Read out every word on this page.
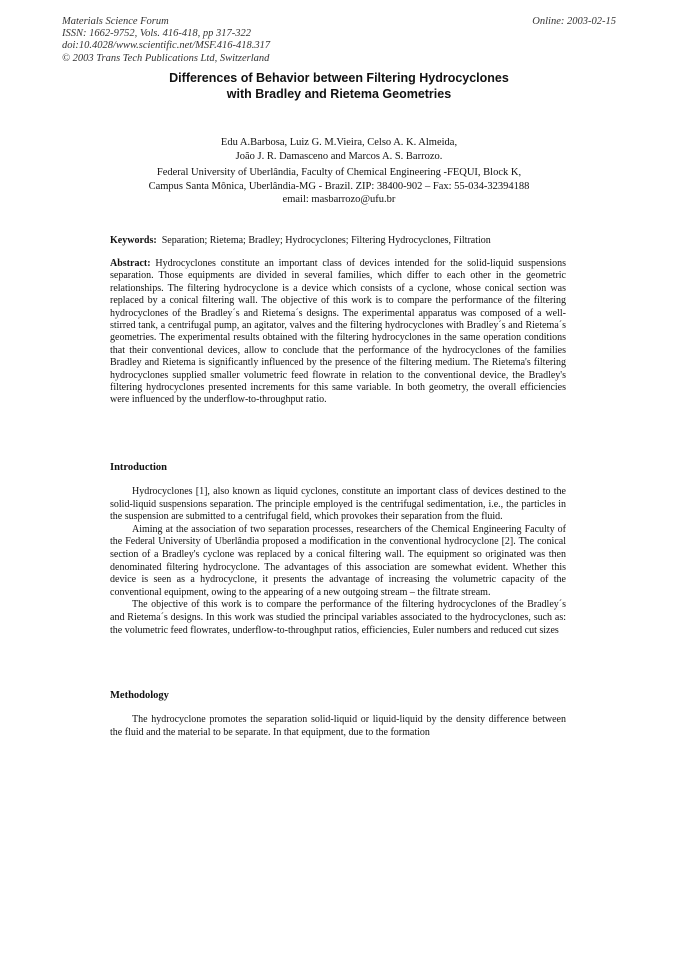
Materials Science Forum
ISSN: 1662-9752, Vols. 416-418, pp 317-322
doi:10.4028/www.scientific.net/MSF.416-418.317
© 2003 Trans Tech Publications Ltd, Switzerland
Online: 2003-02-15
Differences of Behavior between Filtering Hydrocyclones
with Bradley and Rietema Geometries
Edu A.Barbosa, Luiz G. M.Vieira, Celso A. K. Almeida,
João J. R. Damasceno and Marcos A. S. Barrozo.
Federal University of Uberlândia, Faculty of Chemical Engineering -FEQUI, Block K,
Campus Santa Mônica, Uberlândia-MG - Brazil. ZIP: 38400-902 – Fax: 55-034-32394188
email: masbarrozo@ufu.br
Keywords: Separation; Rietema; Bradley; Hydrocyclones; Filtering Hydrocyclones, Filtration
Abstract: Hydrocyclones constitute an important class of devices intended for the solid-liquid suspensions separation. Those equipments are divided in several families, which differ to each other in the geometric relationships. The filtering hydrocyclone is a device which consists of a cyclone, whose conical section was replaced by a conical filtering wall. The objective of this work is to compare the performance of the filtering hydrocyclones of the Bradley´s and Rietema´s designs. The experimental apparatus was composed of a well-stirred tank, a centrifugal pump, an agitator, valves and the filtering hydrocyclones with Bradley´s and Rietema´s geometries. The experimental results obtained with the filtering hydrocyclones in the same operation conditions that their conventional devices, allow to conclude that the performance of the hydrocyclones of the families Bradley and Rietema is significantly influenced by the presence of the filtering medium. The Rietema's filtering hydrocyclones supplied smaller volumetric feed flowrate in relation to the conventional device, the Bradley's filtering hydrocyclones presented increments for this same variable. In both geometry, the overall efficiencies were influenced by the underflow-to-throughput ratio.
Introduction

Hydrocyclones [1], also known as liquid cyclones, constitute an important class of devices destined to the solid-liquid suspensions separation. The principle employed is the centrifugal sedimentation, i.e., the particles in the suspension are submitted to a centrifugal field, which provokes their separation from the fluid.

Aiming at the association of two separation processes, researchers of the Chemical Engineering Faculty of the Federal University of Uberlândia proposed a modification in the conventional hydrocyclone [2]. The conical section of a Bradley's cyclone was replaced by a conical filtering wall. The equipment so originated was then denominated filtering hydrocyclone. The advantages of this association are somewhat evident. Whether this device is seen as a hydrocyclone, it presents the advantage of increasing the volumetric capacity of the conventional equipment, owing to the appearing of a new outgoing stream – the filtrate stream.

The objective of this work is to compare the performance of the filtering hydrocyclones of the Bradley´s and Rietema´s designs. In this work was studied the principal variables associated to the hydrocyclones, such as: the volumetric feed flowrates, underflow-to-throughput ratios, efficiencies, Euler numbers and reduced cut sizes

Methodology

The hydrocyclone promotes the separation solid-liquid or liquid-liquid by the density difference between the fluid and the material to be separate. In that equipment, due to the formation
